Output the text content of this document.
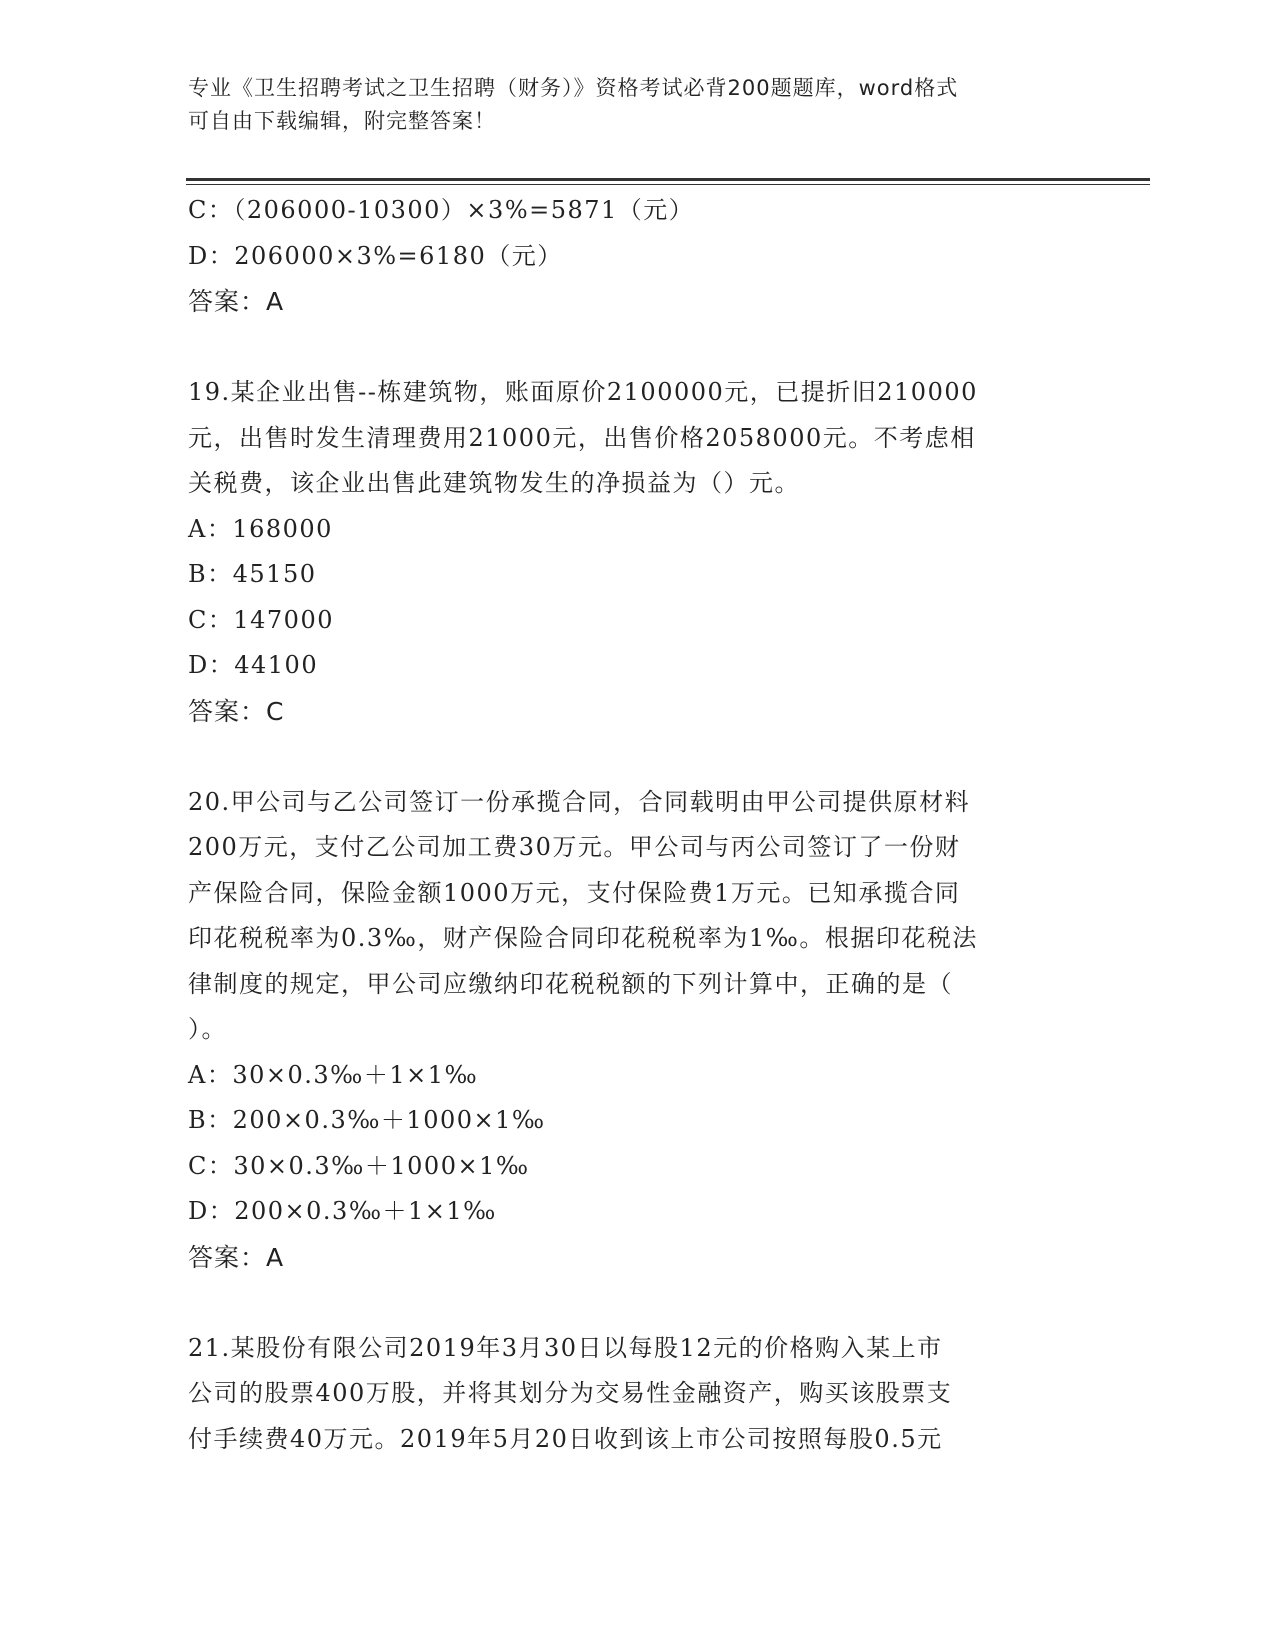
专业《卫生招聘考试之卫生招聘（财务）》资格考试必背200题题库，word格式
可自由下载编辑，附完整答案！
C：（206000-10300）×3%=5871（元）
D：206000×3%=6180（元）
答案：A
19.某企业出售--栋建筑物，账面原价2100000元，已提折旧210000
元，出售时发生清理费用21000元，出售价格2058000元。不考虑相
关税费，该企业出售此建筑物发生的净损益为（）元。
A：168000
B：45150
C：147000
D：44100
答案：C
20.甲公司与乙公司签订一份承揽合同，合同载明由甲公司提供原材料
200万元，支付乙公司加工费30万元。甲公司与丙公司签订了一份财
产保险合同，保险金额1000万元，支付保险费1万元。已知承揽合同
印花税税率为0.3‰，财产保险合同印花税税率为1‰。根据印花税法
律制度的规定，甲公司应缴纳印花税税额的下列计算中，正确的是（
）。
A：30×0.3‰＋1×1‰
B：200×0.3‰＋1000×1‰
C：30×0.3‰＋1000×1‰
D：200×0.3‰＋1×1‰
答案：A
21.某股份有限公司2019年3月30日以每股12元的价格购入某上市
公司的股票400万股，并将其划分为交易性金融资产，购买该股票支
付手续费40万元。2019年5月20日收到该上市公司按照每股0.5元
